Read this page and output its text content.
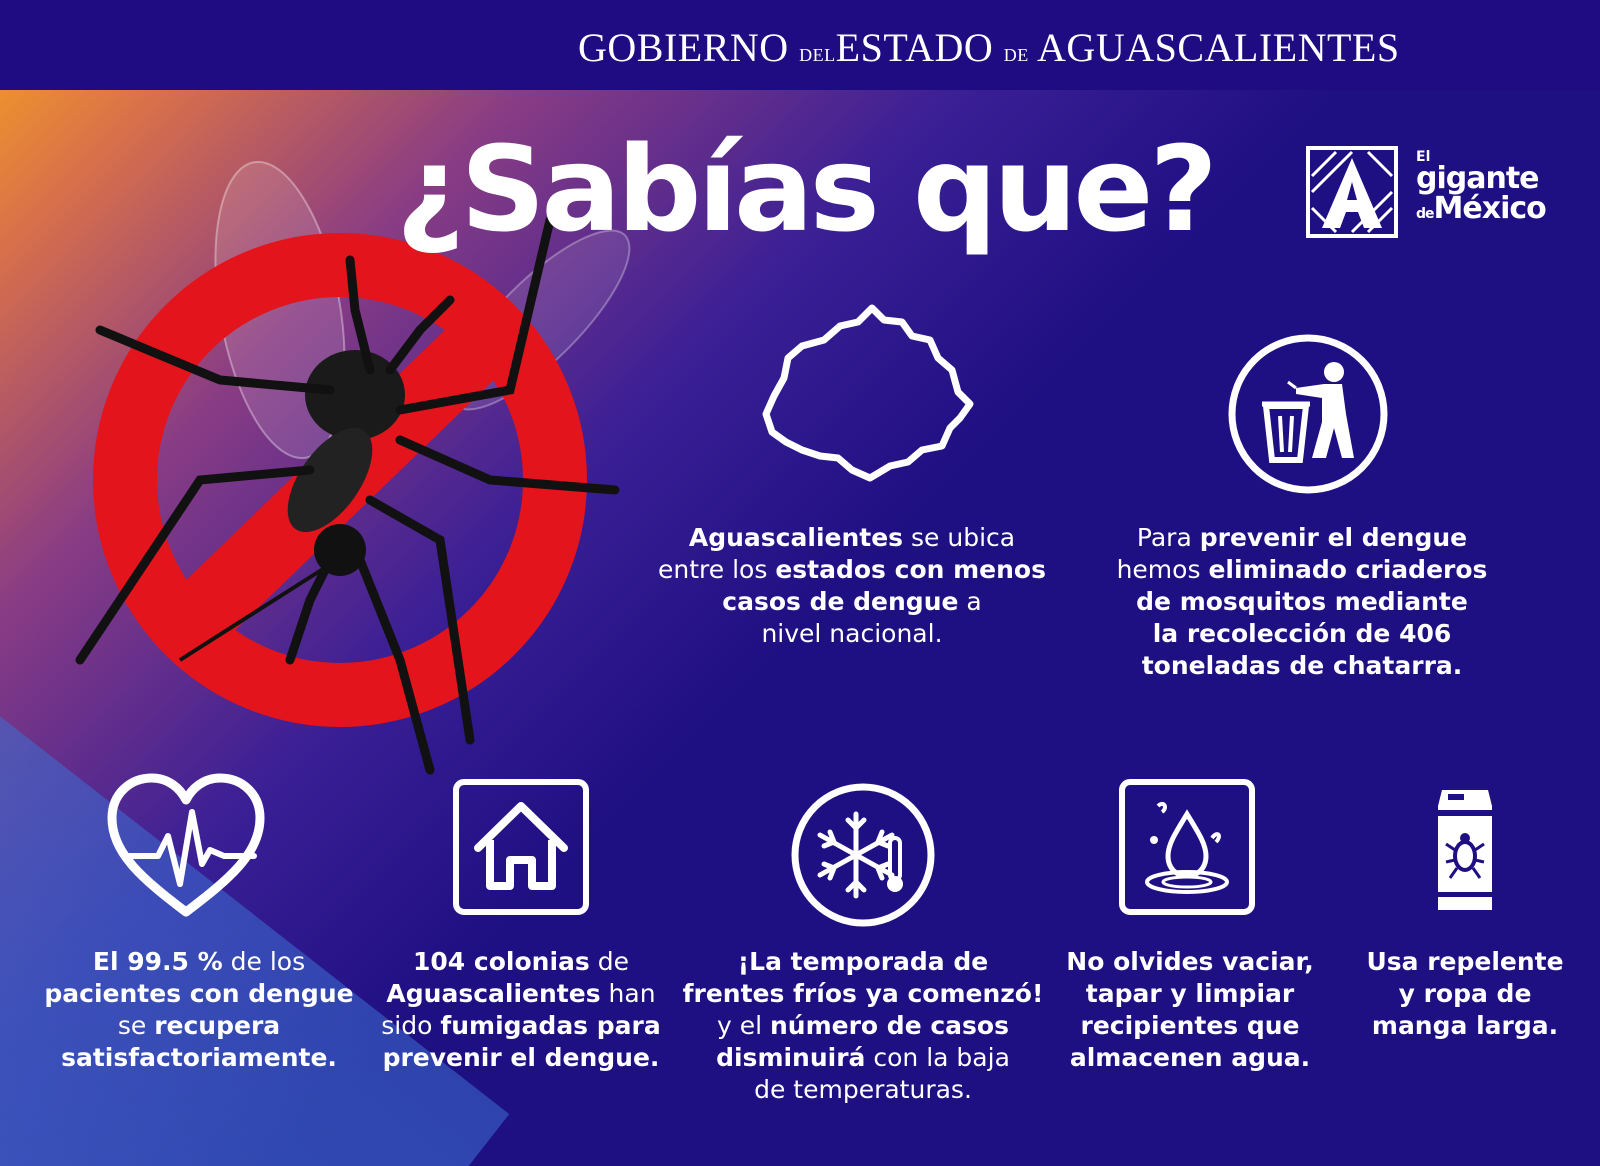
GOBIERNO DELESTADO DE AGUASCALIENTES
¿Sabías que?	El
gigante
deMéxico
Aguascalientes se ubica
entre los estados con menos
casos de dengue a
nivel nacional.
Para prevenir el dengue
hemos eliminado criaderos
de mosquitos mediante
la recolección de 406
toneladas de chatarra.
El 99.5 % de los
pacientes con dengue
se recupera
satisfactoriamente.
104 colonias de
Aguascalientes han
sido fumigadas para
prevenir el dengue.
¡La temporada de
frentes fríos ya comenzó!
y el número de casos
disminuirá con la baja
de temperaturas.
No olvides vaciar,
tapar y limpiar
recipientes que
almacenen agua.
Usa repelente
y ropa de
manga larga.
